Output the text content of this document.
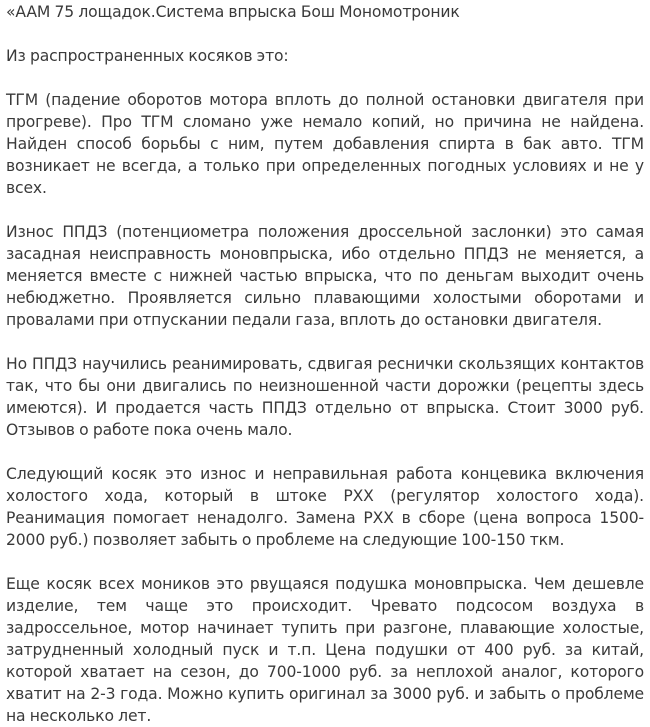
«AAM 75 лощадок.Система впрыска Бош Мономотроник

Из распространенных косяков это:

ТГМ (падение оборотов мотора вплоть до полной остановки двигателя при прогреве). Про ТГМ сломано уже немало копий, но причина не найдена. Найден способ борьбы с ним, путем добавления спирта в бак авто. ТГМ возникает не всегда, а только при определенных погодных условиях и не у всех.

Износ ППДЗ (потенциометра положения дроссельной заслонки) это самая засадная неисправность моновпрыска, ибо отдельно ППДЗ не меняется, а меняется вместе с нижней частью впрыска, что по деньгам выходит очень небюджетно. Проявляется сильно плавающими холостыми оборотами и провалами при отпускании педали газа, вплоть до остановки двигателя.

Но ППДЗ научились реанимировать, сдвигая реснички скользящих контактов так, что бы они двигались по неизношенной части дорожки (рецепты здесь имеются). И продается часть ППДЗ отдельно от впрыска. Стоит 3000 руб. Отзывов о работе пока очень мало.

Следующий косяк это износ и неправильная работа концевика включения холостого хода, который в штоке РХХ (регулятор холостого хода). Реанимация помогает ненадолго. Замена РХХ в сборе (цена вопроса 1500-2000 руб.) позволяет забыть о проблеме на следующие 100-150 ткм.

Еще косяк всех моников это рвущаяся подушка моновпрыска. Чем дешевле изделие, тем чаще это происходит. Чревато подсосом воздуха в задроссельное, мотор начинает тупить при разгоне, плавающие холостые, затрудненный холодный пуск и т.п. Цена подушки от 400 руб. за китай, которой хватает на сезон, до 700-1000 руб. за неплохой аналог, которого хватит на 2-3 года. Можно купить оригинал за 3000 руб. и забыть о проблеме на несколько лет.
